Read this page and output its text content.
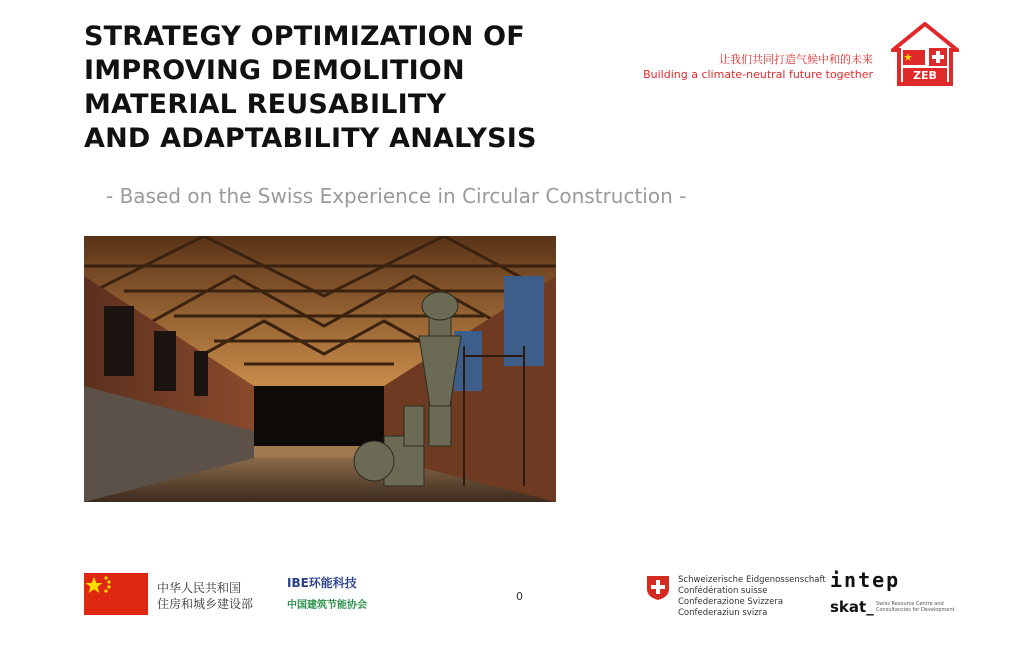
STRATEGY OPTIMIZATION OF
IMPROVING DEMOLITION
MATERIAL REUSABILITY
AND ADAPTABILITY ANALYSIS
让我们共同打造气候中和的未来
Building a climate-neutral future together	ZEB
- Based on the Swiss Experience in Circular Construction -
中华人民共和国
住房和城乡建设部
IBE环能科技
中国建筑节能协会
0
Schweizerische Eidgenossenschaft
Confédération suisse
Confederazione Svizzera
Confederaziun svizra
intep
skat_ Swiss Resource Centre and
Consultancies for Development
